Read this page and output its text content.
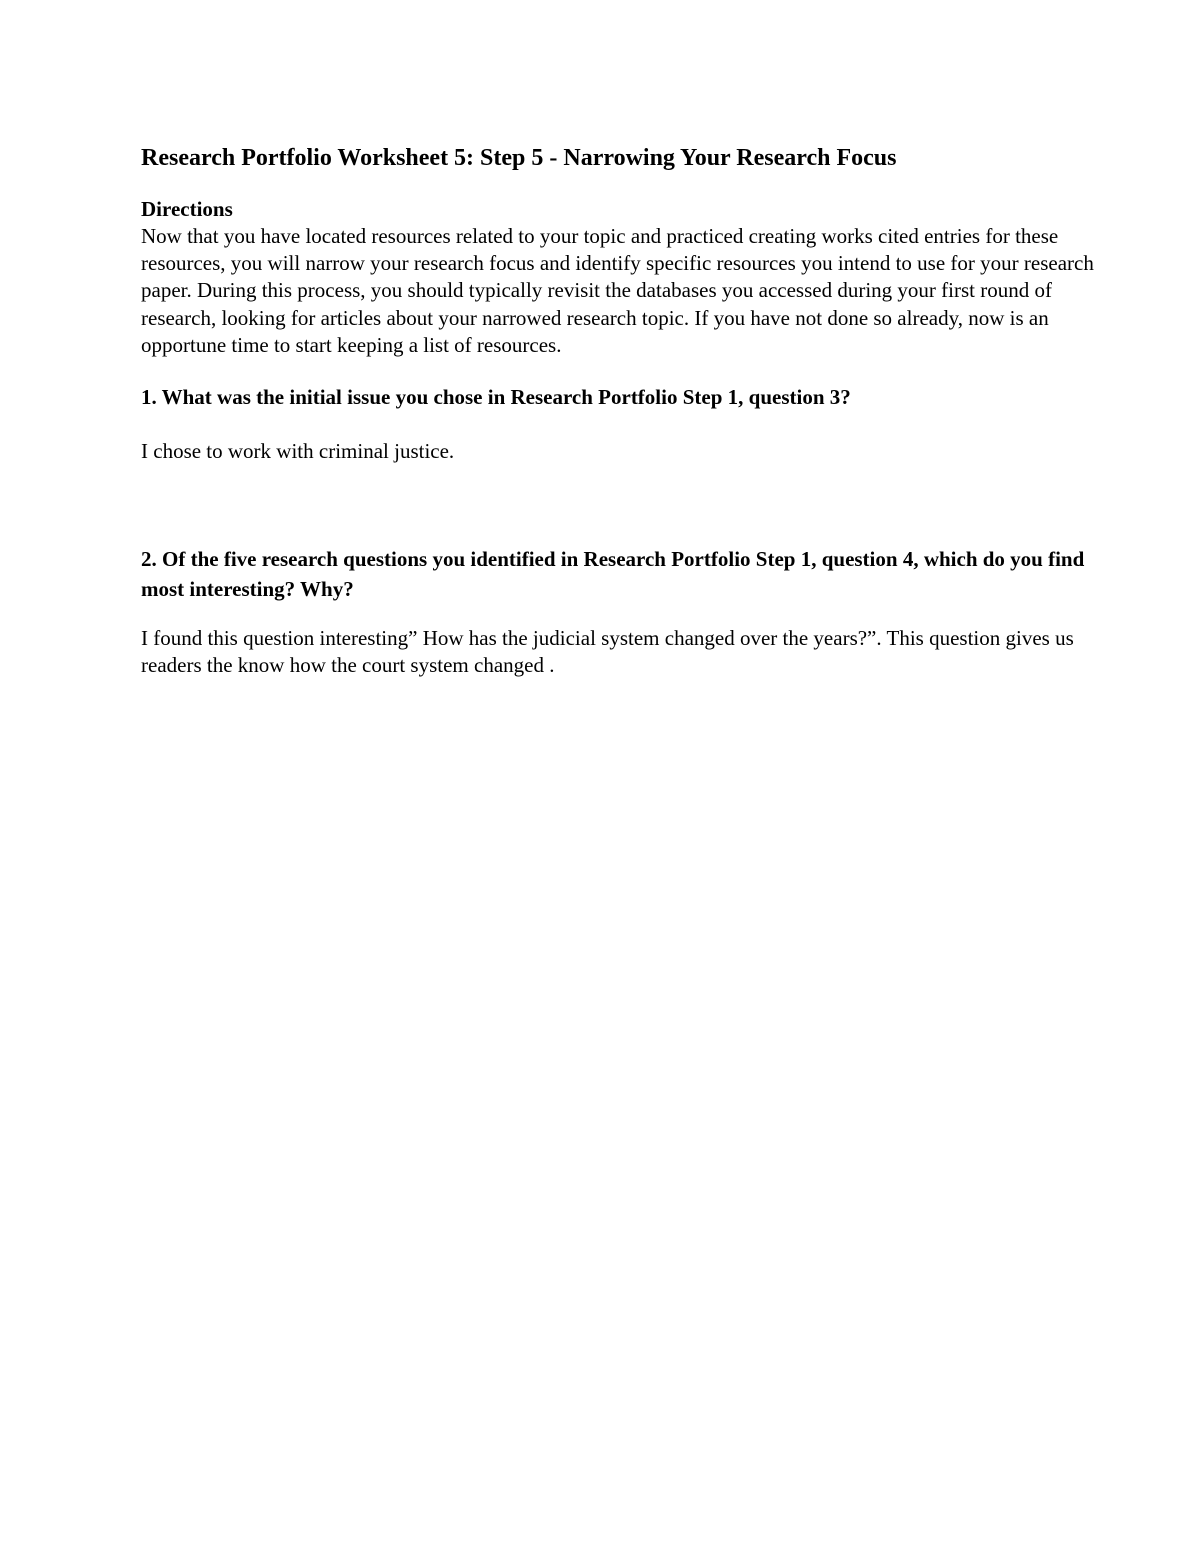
Research Portfolio Worksheet 5: Step 5 - Narrowing Your Research Focus

Directions

Now that you have located resources related to your topic and practiced creating works cited entries for these resources, you will narrow your research focus and identify specific resources you intend to use for your research paper. During this process, you should typically revisit the databases you accessed during your first round of research, looking for articles about your narrowed research topic. If you have not done so already, now is an opportune time to start keeping a list of resources.

1. What was the initial issue you chose in Research Portfolio Step 1, question 3?

I chose to work with criminal justice.

2. Of the five research questions you identified in Research Portfolio Step 1, question 4, which do you find most interesting? Why?

I found this question interesting” How has the judicial system changed over the years?”. This question gives us readers the know how the court system changed .
